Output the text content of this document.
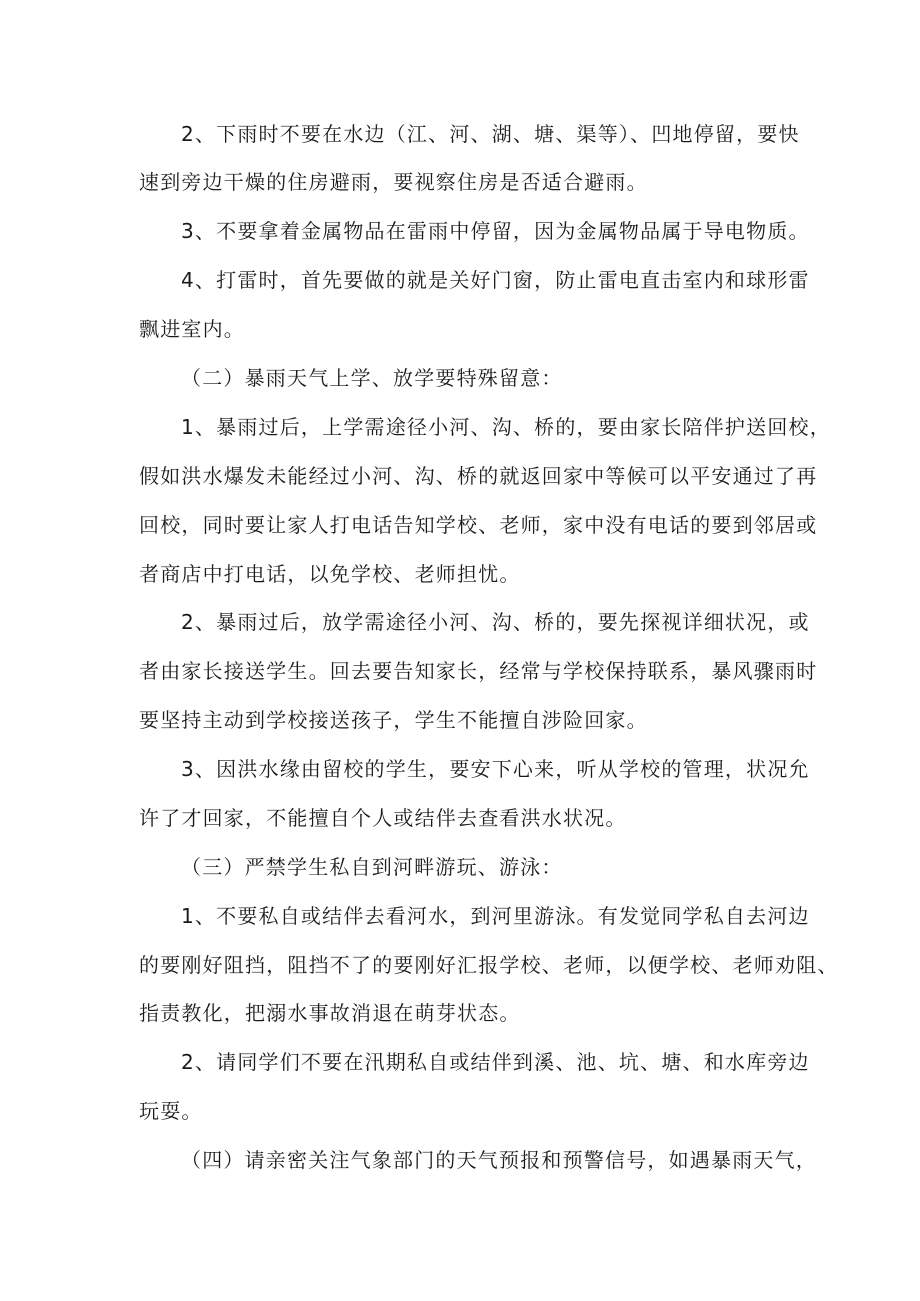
2、下雨时不要在水边（江、河、湖、塘、渠等）、凹地停留，要快
速到旁边干燥的住房避雨，要视察住房是否适合避雨。
3、不要拿着金属物品在雷雨中停留，因为金属物品属于导电物质。
4、打雷时，首先要做的就是关好门窗，防止雷电直击室内和球形雷
飘进室内。
（二）暴雨天气上学、放学要特殊留意：
1、暴雨过后，上学需途径小河、沟、桥的，要由家长陪伴护送回校，
假如洪水爆发未能经过小河、沟、桥的就返回家中等候可以平安通过了再
回校，同时要让家人打电话告知学校、老师，家中没有电话的要到邻居或
者商店中打电话，以免学校、老师担忧。
2、暴雨过后，放学需途径小河、沟、桥的，要先探视详细状况，或
者由家长接送学生。回去要告知家长，经常与学校保持联系，暴风骤雨时
要坚持主动到学校接送孩子，学生不能擅自涉险回家。
3、因洪水缘由留校的学生，要安下心来，听从学校的管理，状况允
许了才回家，不能擅自个人或结伴去查看洪水状况。
（三）严禁学生私自到河畔游玩、游泳：
1、不要私自或结伴去看河水，到河里游泳。有发觉同学私自去河边
的要刚好阻挡，阻挡不了的要刚好汇报学校、老师，以便学校、老师劝阻、
指责教化，把溺水事故消退在萌芽状态。
2、请同学们不要在汛期私自或结伴到溪、池、坑、塘、和水库旁边
玩耍。
（四）请亲密关注气象部门的天气预报和预警信号，如遇暴雨天气，
